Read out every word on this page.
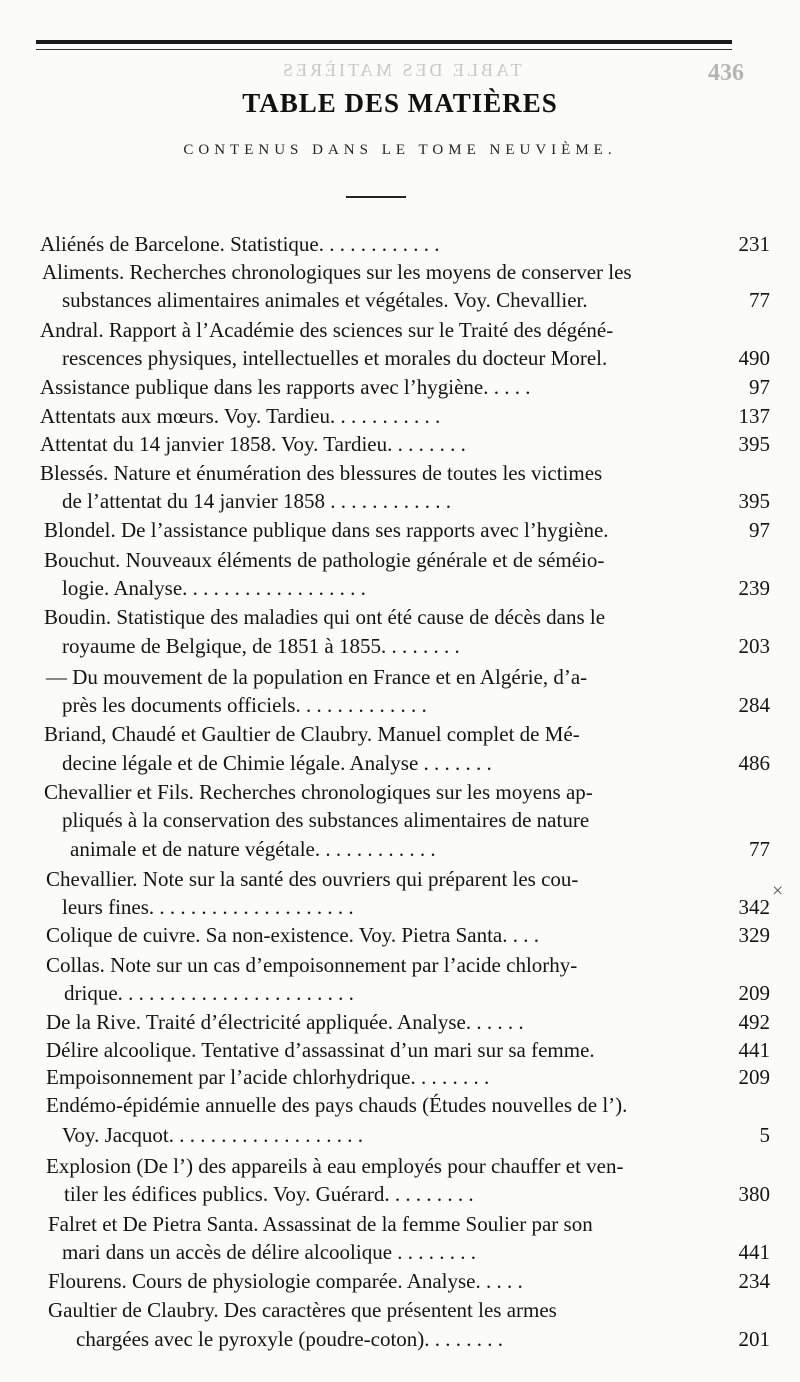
TABLE DES MATIÈRES	436
TABLE DES MATIÈRES
CONTENUS DANS LE TOME NEUVIÈME.
Aliénés de Barcelone. Statistique. . . . . . . . . . . .	231
Aliments. Recherches chronologiques sur les moyens de conserver les
substances alimentaires animales et végétales. Voy. Chevallier.	77
Andral. Rapport à l’Académie des sciences sur le Traité des dégéné-
rescences physiques, intellectuelles et morales du docteur Morel.	490
Assistance publique dans les rapports avec l’hygiène. . . . .	97
Attentats aux mœurs. Voy. Tardieu. . . . . . . . . . .	137
Attentat du 14 janvier 1858. Voy. Tardieu. . . . . . . .	395
Blessés. Nature et énumération des blessures de toutes les victimes
de l’attentat du 14 janvier 1858 . . . . . . . . . . . .	395
Blondel. De l’assistance publique dans ses rapports avec l’hygiène.	97
Bouchut. Nouveaux éléments de pathologie générale et de séméio-
logie. Analyse. . . . . . . . . . . . . . . . . .	239
Boudin. Statistique des maladies qui ont été cause de décès dans le
royaume de Belgique, de 1851 à 1855. . . . . . . .	203
— Du mouvement de la population en France et en Algérie, d’a-
près les documents officiels. . . . . . . . . . . . .	284
Briand, Chaudé et Gaultier de Claubry. Manuel complet de Mé-
decine légale et de Chimie légale. Analyse . . . . . . .	486
Chevallier et Fils. Recherches chronologiques sur les moyens ap-
pliqués à la conservation des substances alimentaires de nature
animale et de nature végétale. . . . . . . . . . . .	77
Chevallier. Note sur la santé des ouvriers qui préparent les cou-
leurs fines. . . . . . . . . . . . . . . . . . . .	342
Colique de cuivre. Sa non-existence. Voy. Pietra Santa. . . .	329
Collas. Note sur un cas d’empoisonnement par l’acide chlorhy-
drique. . . . . . . . . . . . . . . . . . . . . . .	209
De la Rive. Traité d’électricité appliquée. Analyse. . . . . .	492
Délire alcoolique. Tentative d’assassinat d’un mari sur sa femme.	441
Empoisonnement par l’acide chlorhydrique. . . . . . . .	209
Endémo-épidémie annuelle des pays chauds (Études nouvelles de l’).
Voy. Jacquot. . . . . . . . . . . . . . . . . . .	5
Explosion (De l’) des appareils à eau employés pour chauffer et ven-
tiler les édifices publics. Voy. Guérard. . . . . . . . .	380
Falret et De Pietra Santa. Assassinat de la femme Soulier par son
mari dans un accès de délire alcoolique . . . . . . . .	441
Flourens. Cours de physiologie comparée. Analyse. . . . .	234
Gaultier de Claubry. Des caractères que présentent les armes
chargées avec le pyroxyle (poudre-coton). . . . . . . .	201
×
